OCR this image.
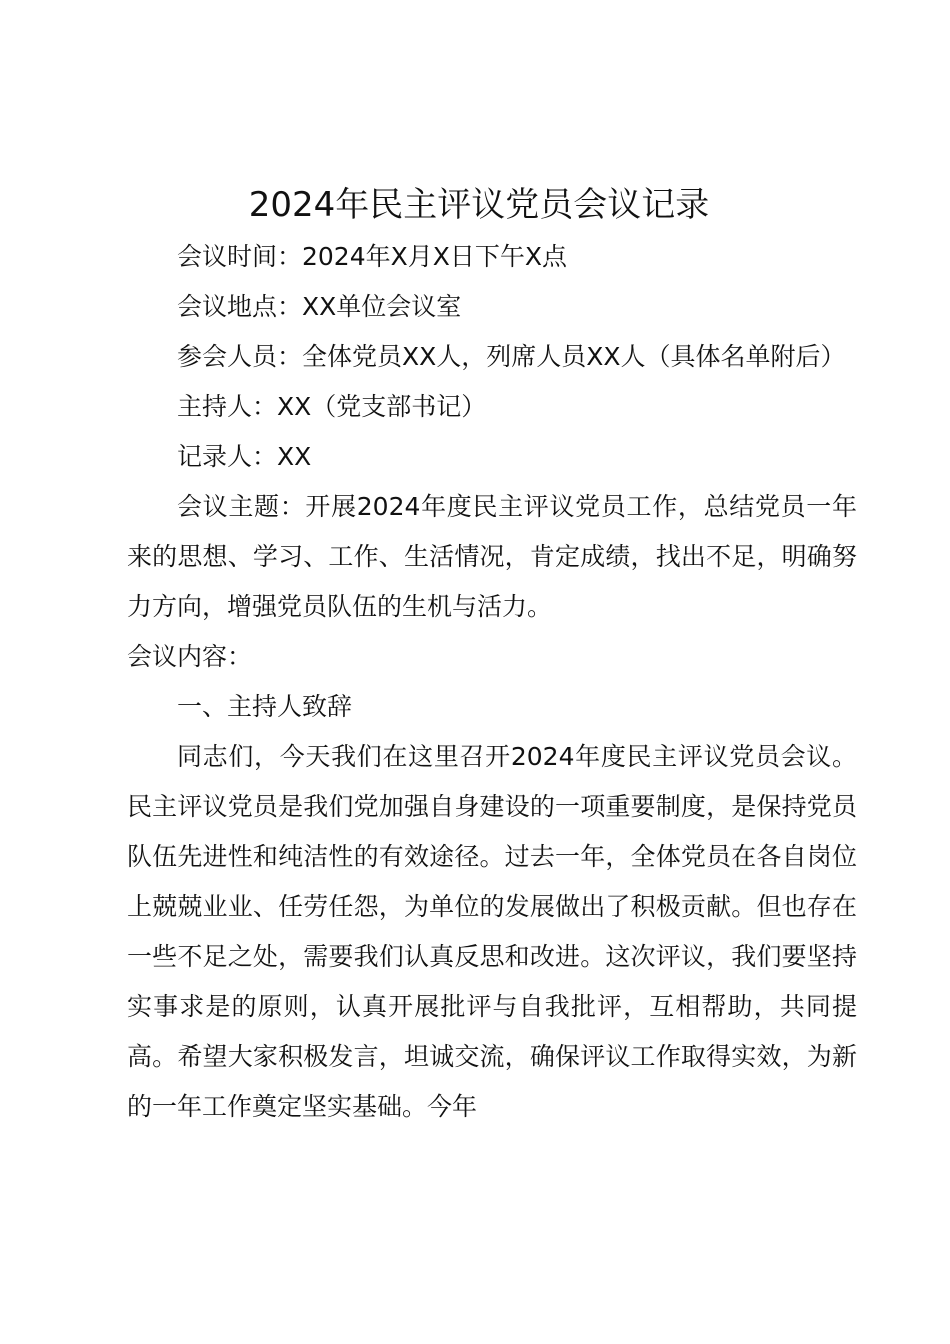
2024年民主评议党员会议记录

会议时间：2024年X月X日下午X点

会议地点：XX单位会议室

参会人员：全体党员XX人，列席人员XX人（具体名单附后）

主持人：XX（党支部书记）

记录人：XX

会议主题：开展2024年度民主评议党员工作，总结党员一年来的思想、学习、工作、生活情况，肯定成绩，找出不足，明确努力方向，增强党员队伍的生机与活力。

会议内容：

一、主持人致辞

同志们，今天我们在这里召开2024年度民主评议党员会议。民主评议党员是我们党加强自身建设的一项重要制度，是保持党员队伍先进性和纯洁性的有效途径。过去一年，全体党员在各自岗位上兢兢业业、任劳任怨，为单位的发展做出了积极贡献。但也存在一些不足之处，需要我们认真反思和改进。这次评议，我们要坚持实事求是的原则，认真开展批评与自我批评，互相帮助，共同提高。希望大家积极发言，坦诚交流，确保评议工作取得实效，为新的一年工作奠定坚实基础。今年
